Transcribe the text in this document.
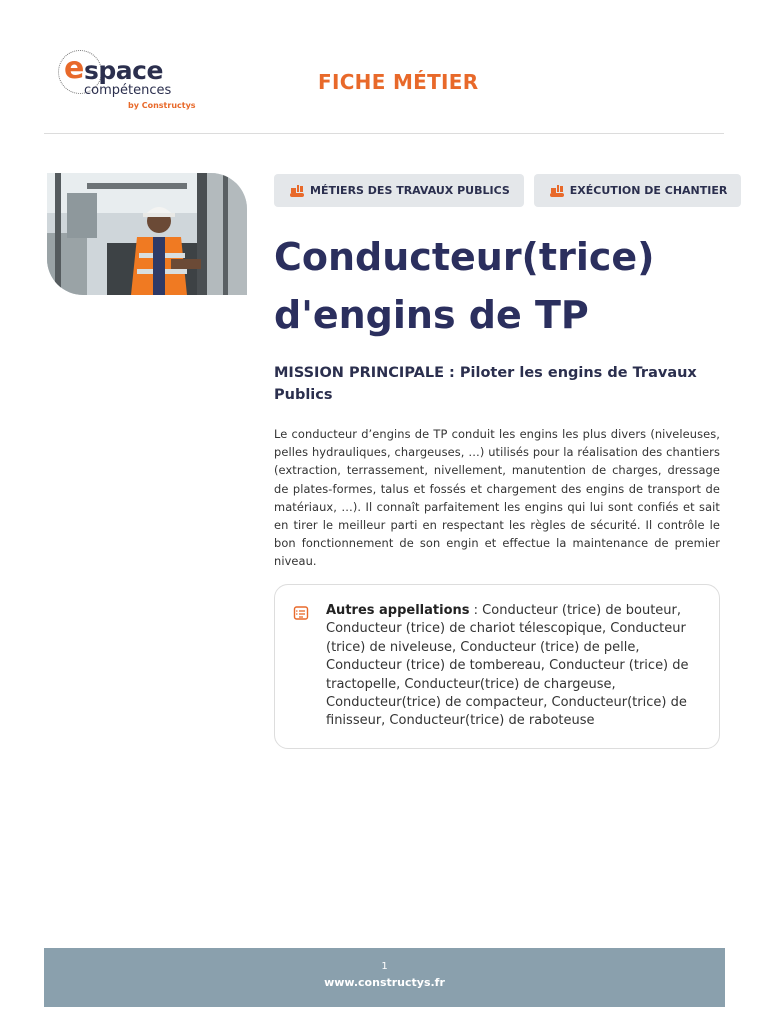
e space
compétences
by Constructys
FICHE MÉTIER
MÉTIERS DES TRAVAUX PUBLICS	EXÉCUTION DE CHANTIER
Conducteur(trice)
d'engins de TP
MISSION PRINCIPALE : Piloter les engins de Travaux Publics

Le conducteur d’engins de TP conduit les engins les plus divers (niveleuses, pelles hydrauliques, chargeuses, …) utilisés pour la réalisation des chantiers (extraction, terrassement, nivellement, manutention de charges, dressage de plates-formes, talus et fossés et chargement des engins de transport de matériaux, …). Il connaît parfaitement les engins qui lui sont confiés et sait en tirer le meilleur parti en respectant les règles de sécurité. Il contrôle le bon fonctionnement de son engin et effectue la maintenance de premier niveau.

Autres appellations : Conducteur (trice) de bouteur, Conducteur (trice) de chariot télescopique, Conducteur (trice) de niveleuse, Conducteur (trice) de pelle, Conducteur (trice) de tombereau, Conducteur (trice) de tractopelle, Conducteur(trice) de chargeuse, Conducteur(trice) de compacteur, Conducteur(trice) de finisseur, Conducteur(trice) de raboteuse
1
www.constructys.fr
